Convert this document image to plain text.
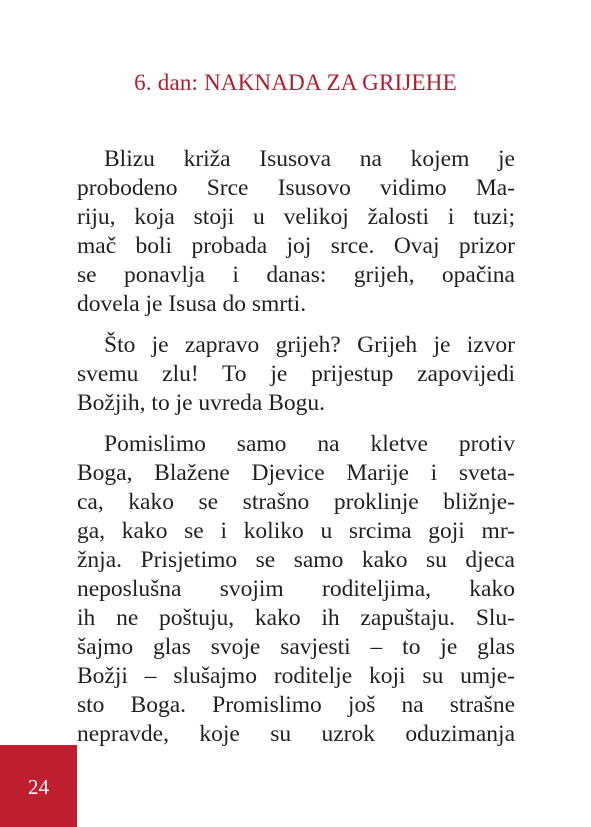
6. dan: NAKNADA ZA GRIJEHE
Blizu križa Isusova na kojem je
probodeno Srce Isusovo vidimo Ma-
riju, koja stoji u velikoj žalosti i tuzi;
mač boli probada joj srce. Ovaj prizor
se ponavlja i danas: grijeh, opačina
dovela je Isusa do smrti.
Što je zapravo grijeh? Grijeh je izvor
svemu zlu! To je prijestup zapovijedi
Božjih, to je uvreda Bogu.
Pomislimo samo na kletve protiv
Boga, Blažene Djevice Marije i sveta-
ca, kako se strašno proklinje bližnje-
ga, kako se i koliko u srcima goji mr-
žnja. Prisjetimo se samo kako su djeca
neposlušna svojim roditeljima, kako
ih ne poštuju, kako ih zapuštaju. Slu-
šajmo glas svoje savjesti – to je glas
Božji – slušajmo roditelje koji su umje-
sto Boga. Promislimo još na strašne
nepravde, koje su uzrok oduzimanja
24
